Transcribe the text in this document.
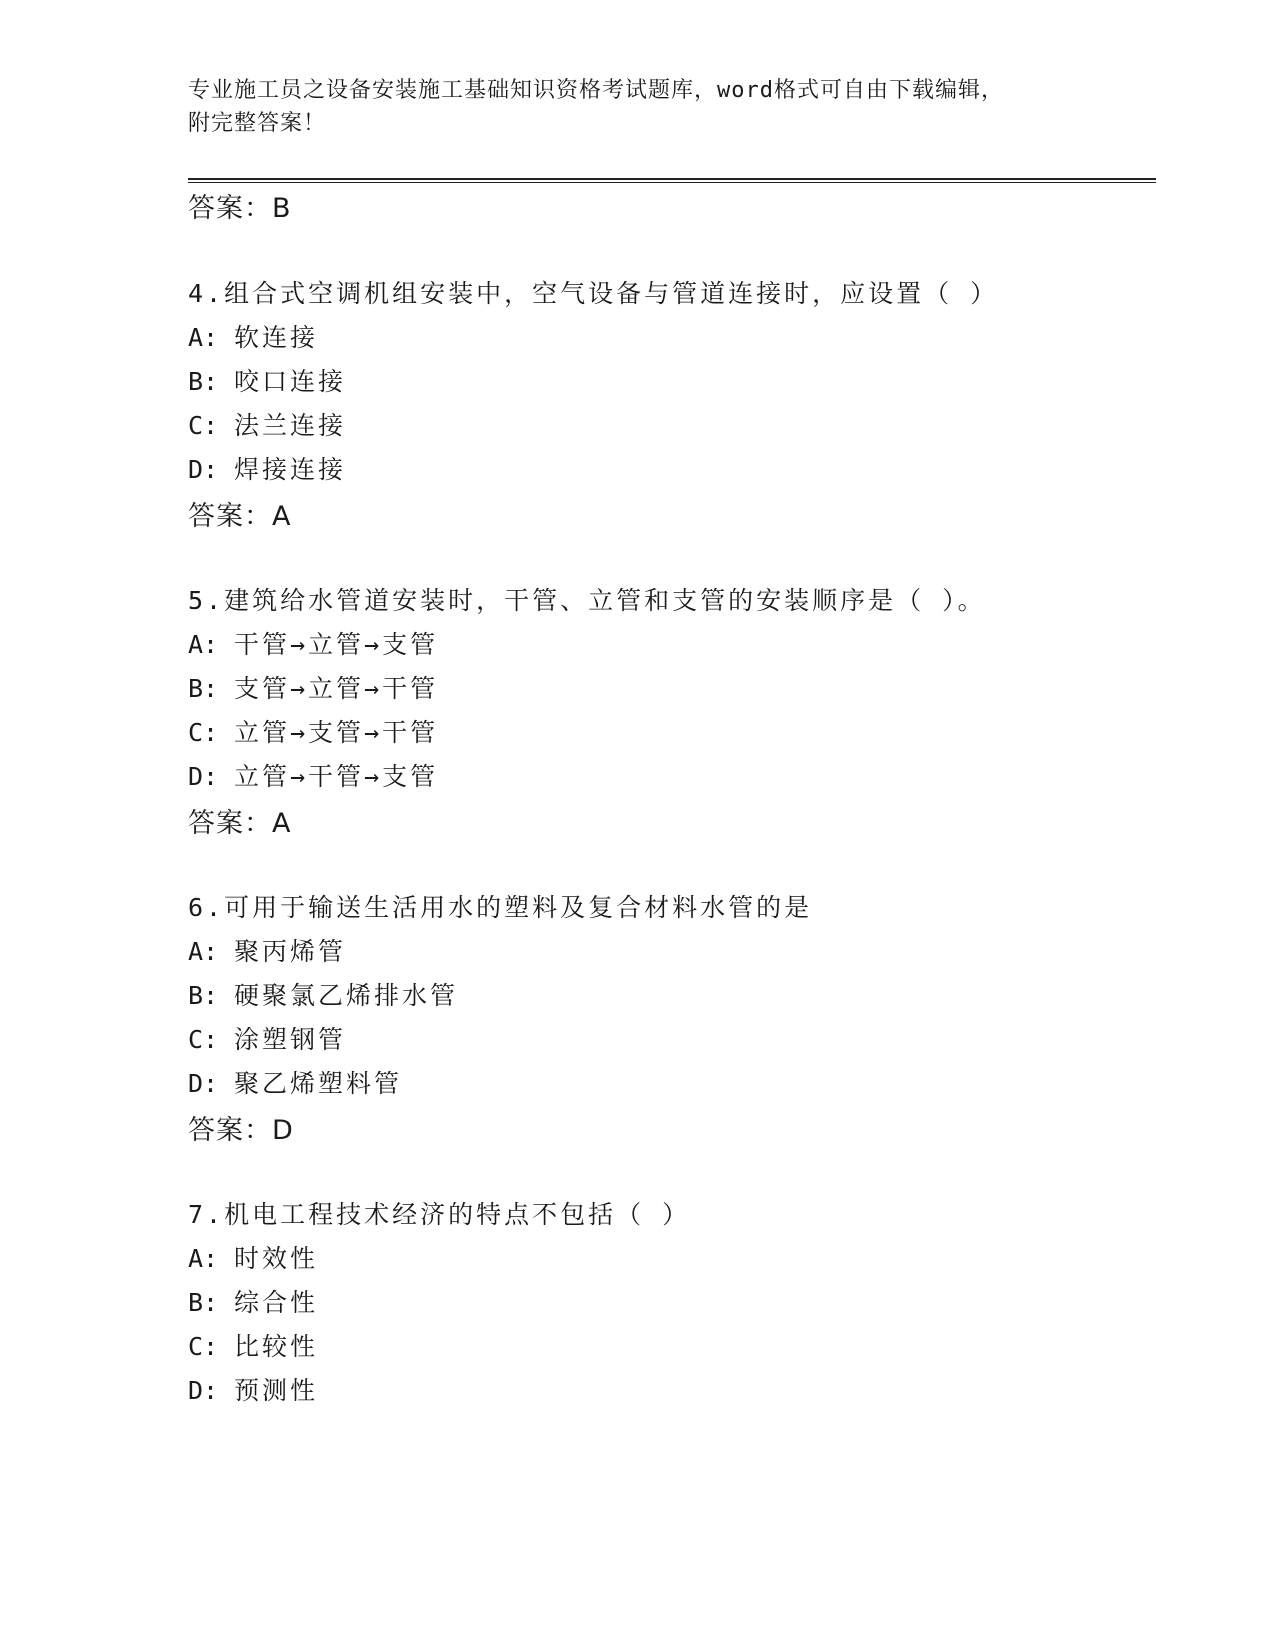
专业施工员之设备安装施工基础知识资格考试题库，word格式可自由下载编辑，
附完整答案！
答案：B
4.组合式空调机组安装中，空气设备与管道连接时，应设置（ ）
A: 软连接
B: 咬口连接
C: 法兰连接
D: 焊接连接
答案：A
5.建筑给水管道安装时，干管、立管和支管的安装顺序是（ ）。
A: 干管→立管→支管
B: 支管→立管→干管
C: 立管→支管→干管
D: 立管→干管→支管
答案：A
6.可用于输送生活用水的塑料及复合材料水管的是
A: 聚丙烯管
B: 硬聚氯乙烯排水管
C: 涂塑钢管
D: 聚乙烯塑料管
答案：D
7.机电工程技术经济的特点不包括（ ）
A: 时效性
B: 综合性
C: 比较性
D: 预测性
